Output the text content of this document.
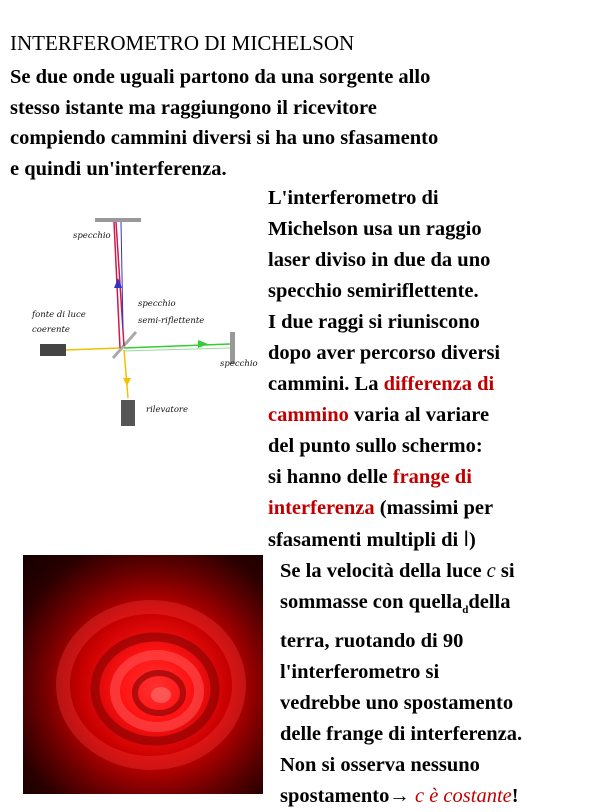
INTERFEROMETRO DI MICHELSON

Se due onde uguali partono da una sorgente allo

stesso istante ma raggiungono il ricevitore

compiendo cammini diversi si ha uno sfasamento

e quindi un'interferenza.

specchio
fonte di luce
coerente
specchio
semi-riflettente
specchio
rilevatore

L'interferometro di

Michelson usa un raggio

laser diviso in due da uno

specchio semiriflettente.

I due raggi si riuniscono

dopo aver percorso diversi

cammini. La differenza di

cammino varia al variare

del punto sullo schermo:

si hanno delle frange di

interferenza (massimi per

sfasamenti multipli di l)

Se la velocità della luce c si

sommasse con quella$_d$della

terra, ruotando di 90

l'interferometro si

vedrebbe uno spostamento

delle frange di interferenza.

Non si osserva nessuno

spostamento→ c è costante!
